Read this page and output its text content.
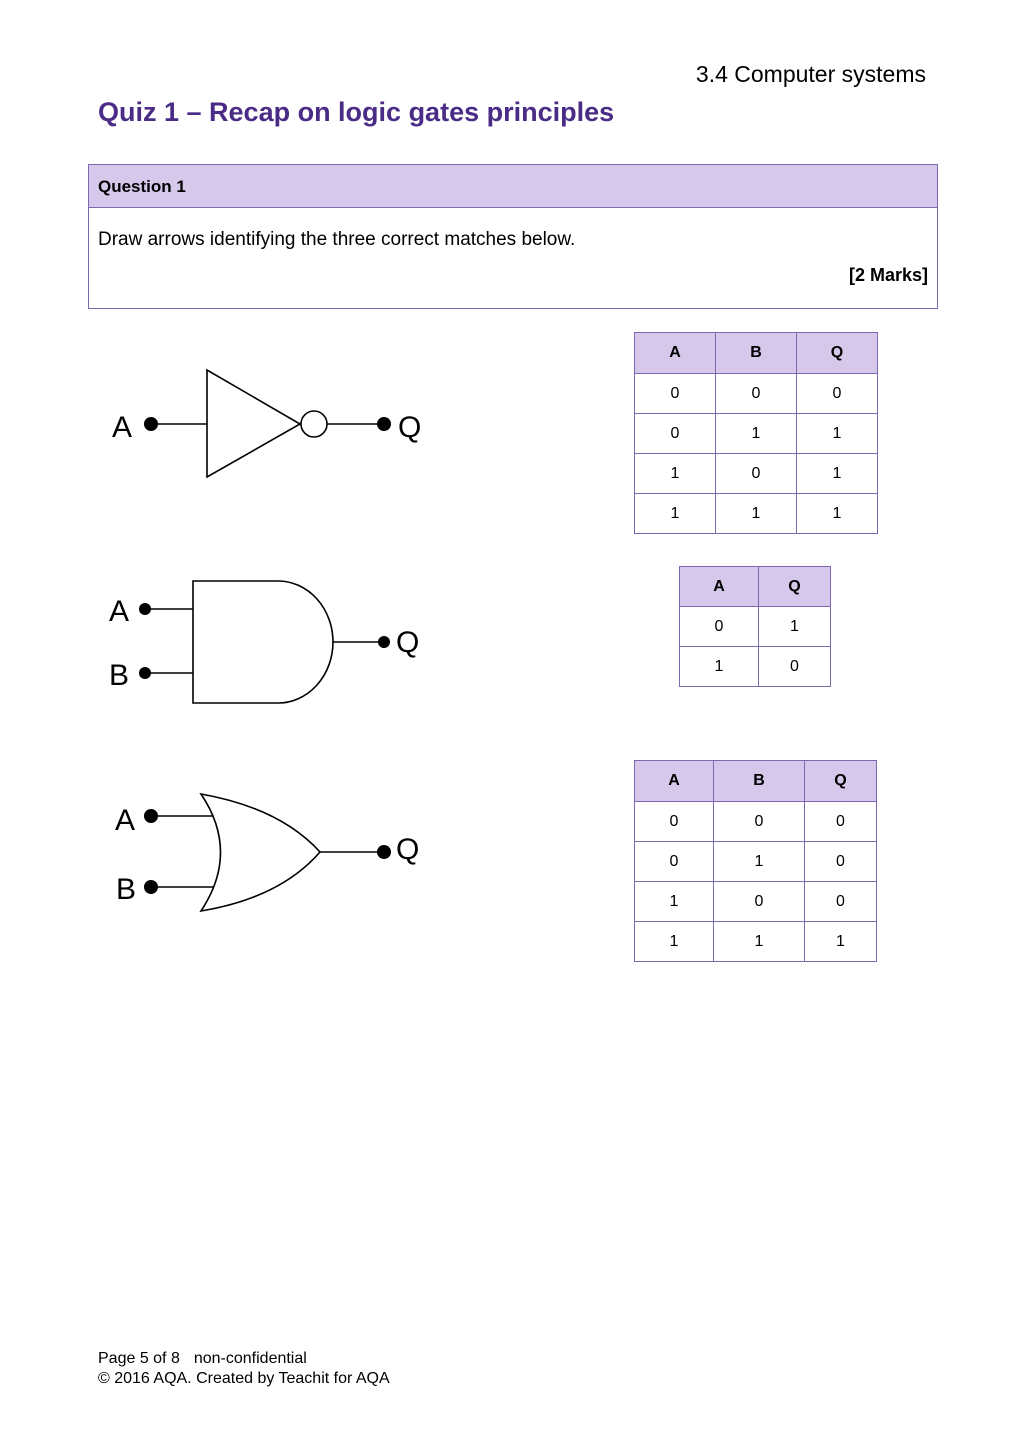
3.4 Computer systems
Quiz 1 – Recap on logic gates principles
Question 1
Draw arrows identifying the three correct matches below.
[2 Marks]
A	Q
A
B
Q
A
B
Q
A	B	Q
0	0	0
0	1	1
1	0	1
1	1	1
A	Q
0	1
1	0
A	B	Q
0	0	0
0	1	0
1	0	0
1	1	1
Page 5 of 8 non-confidential
© 2016 AQA. Created by Teachit for AQA
